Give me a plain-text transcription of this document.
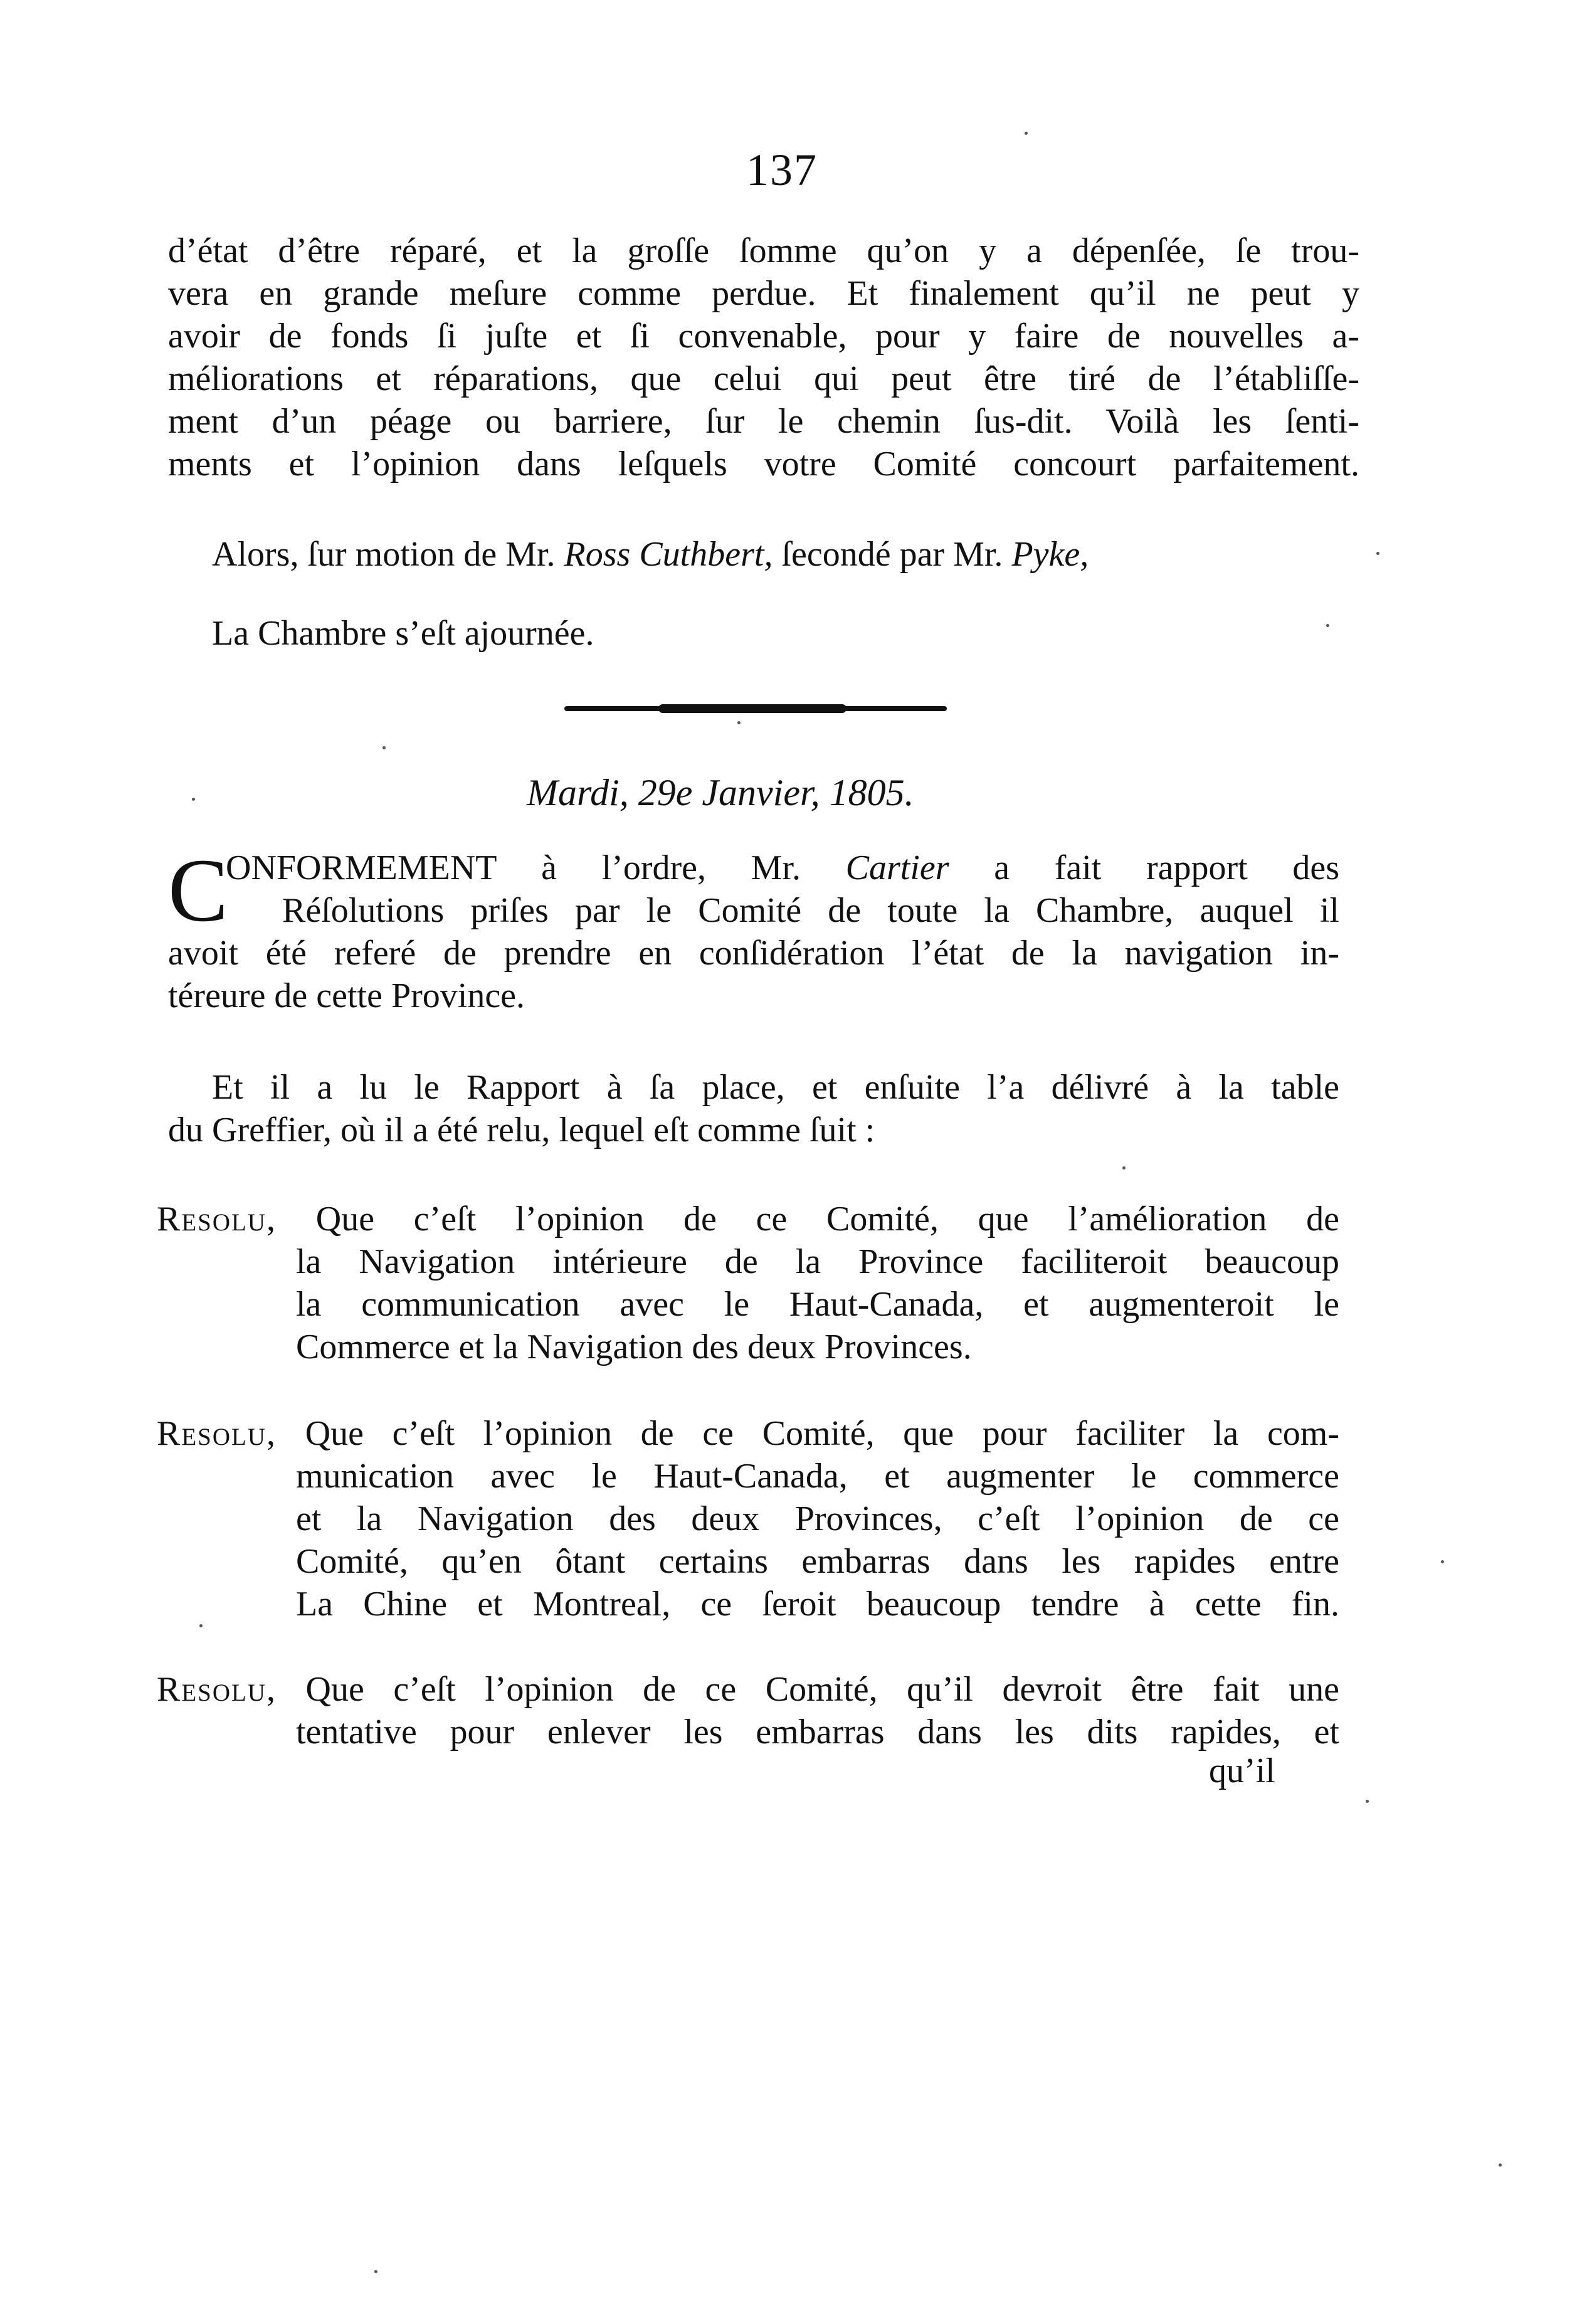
137
d’état d’être réparé, et la groſſe ſomme qu’on y a dépenſée, ſe trou-
vera en grande meſure comme perdue. Et finalement qu’il ne peut y
avoir de fonds ſi juſte et ſi convenable, pour y faire de nouvelles a-
méliorations et réparations, que celui qui peut être tiré de l’établiſſe-
ment d’un péage ou barriere, ſur le chemin ſus-dit. Voilà les ſenti-
ments et l’opinion dans leſquels votre Comité concourt parfaitement.
Alors, ſur motion de Mr. Ross Cuthbert, ſecondé par Mr. Pyke,
La Chambre s’eſt ajournée.
Mardi, 29e Janvier, 1805.
C
ONFORMEMENT à l’ordre, Mr. Cartier a fait rapport des
Réſolutions priſes par le Comité de toute la Chambre, auquel il
avoit été referé de prendre en conſidération l’état de la navigation in-
téreure de cette Province.
Et il a lu le Rapport à ſa place, et enſuite l’a délivré à la table
du Greffier, où il a été relu, lequel eſt comme ſuit :
Resolu, Que c’eſt l’opinion de ce Comité, que l’amélioration de
la Navigation intérieure de la Province faciliteroit beaucoup
la communication avec le Haut-Canada, et augmenteroit le
Commerce et la Navigation des deux Provinces.
Resolu, Que c’eſt l’opinion de ce Comité, que pour faciliter la com-
munication avec le Haut-Canada, et augmenter le commerce
et la Navigation des deux Provinces, c’eſt l’opinion de ce
Comité, qu’en ôtant certains embarras dans les rapides entre
La Chine et Montreal, ce ſeroit beaucoup tendre à cette fin.
Resolu, Que c’eſt l’opinion de ce Comité, qu’il devroit être fait une
tentative pour enlever les embarras dans les dits rapides, et
qu’il
